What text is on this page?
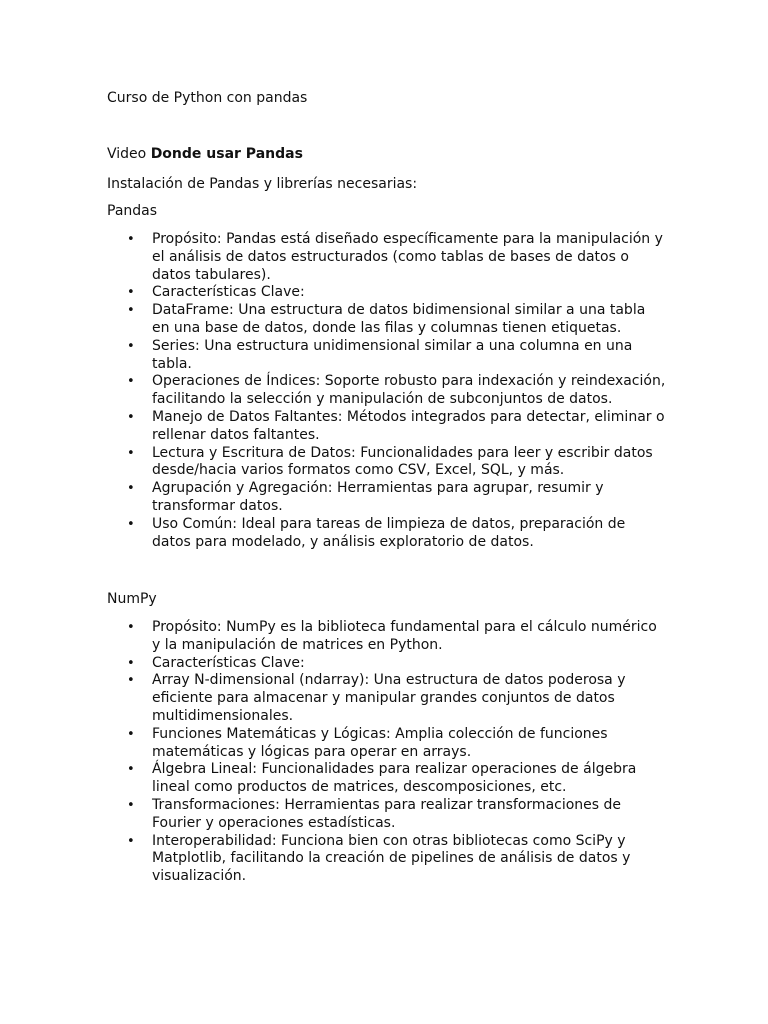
Curso de Python con pandas
Video Donde usar Pandas
Instalación de Pandas y librerías necesarias:
Pandas
• Propósito: Pandas está diseñado específicamente para la manipulación y el análisis de datos estructurados (como tablas de bases de datos o datos tabulares).
• Características Clave:
• DataFrame: Una estructura de datos bidimensional similar a una tabla en una base de datos, donde las filas y columnas tienen etiquetas.
• Series: Una estructura unidimensional similar a una columna en una tabla.
• Operaciones de Índices: Soporte robusto para indexación y reindexación, facilitando la selección y manipulación de subconjuntos de datos.
• Manejo de Datos Faltantes: Métodos integrados para detectar, eliminar o rellenar datos faltantes.
• Lectura y Escritura de Datos: Funcionalidades para leer y escribir datos desde/hacia varios formatos como CSV, Excel, SQL, y más.
• Agrupación y Agregación: Herramientas para agrupar, resumir y transformar datos.
• Uso Común: Ideal para tareas de limpieza de datos, preparación de datos para modelado, y análisis exploratorio de datos.
NumPy
• Propósito: NumPy es la biblioteca fundamental para el cálculo numérico y la manipulación de matrices en Python.
• Características Clave:
• Array N-dimensional (ndarray): Una estructura de datos poderosa y eficiente para almacenar y manipular grandes conjuntos de datos multidimensionales.
• Funciones Matemáticas y Lógicas: Amplia colección de funciones matemáticas y lógicas para operar en arrays.
• Álgebra Lineal: Funcionalidades para realizar operaciones de álgebra lineal como productos de matrices, descomposiciones, etc.
• Transformaciones: Herramientas para realizar transformaciones de Fourier y operaciones estadísticas.
• Interoperabilidad: Funciona bien con otras bibliotecas como SciPy y Matplotlib, facilitando la creación de pipelines de análisis de datos y visualización.
